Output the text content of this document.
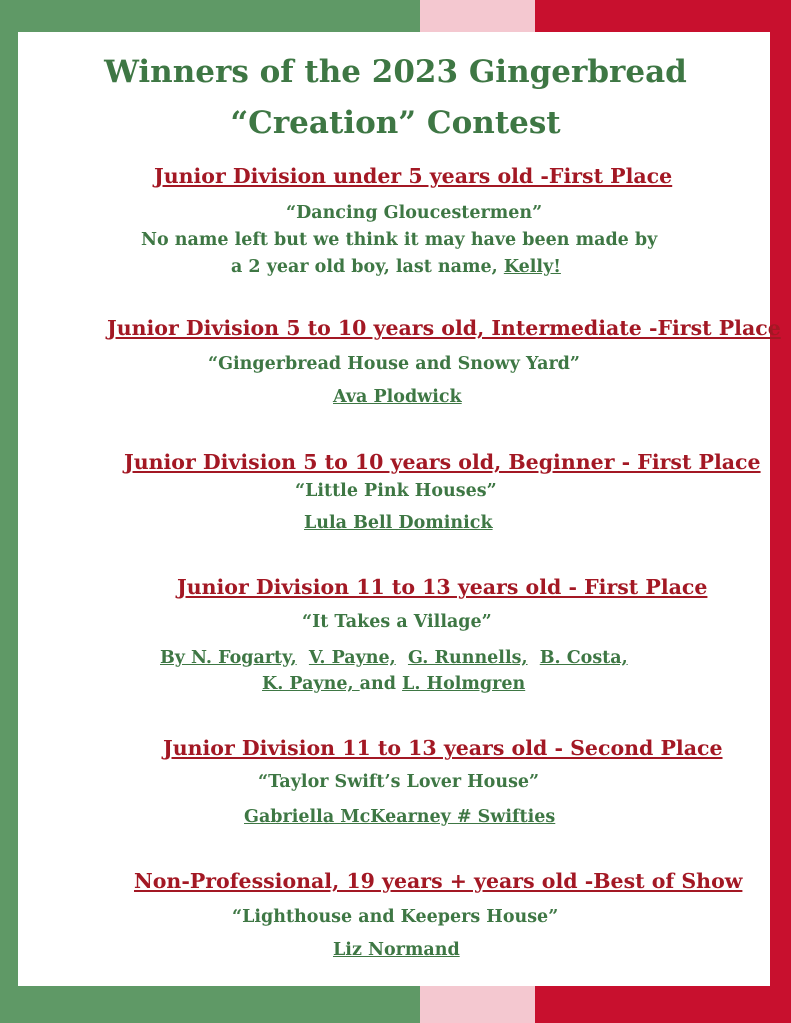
Winners of the 2023 Gingerbread
“Creation” Contest
Junior Division under 5 years old -First Place
“Dancing Gloucestermen”
No name left but we think it may have been made by
a 2 year old boy, last name, Kelly!
Junior Division 5 to 10 years old, Intermediate -First Place
“Gingerbread House and Snowy Yard”
Ava Plodwick
Junior Division 5 to 10 years old, Beginner - First Place
“Little Pink Houses”
Lula Bell Dominick
Junior Division 11 to 13 years old - First Place
“It Takes a Village”
By N. Fogarty, V. Payne, G. Runnells, B. Costa,
K. Payne, and L. Holmgren
Junior Division 11 to 13 years old - Second Place
“Taylor Swift’s Lover House”
Gabriella McKearney # Swifties
Non-Professional, 19 years + years old -Best of Show
“Lighthouse and Keepers House”
Liz Normand
